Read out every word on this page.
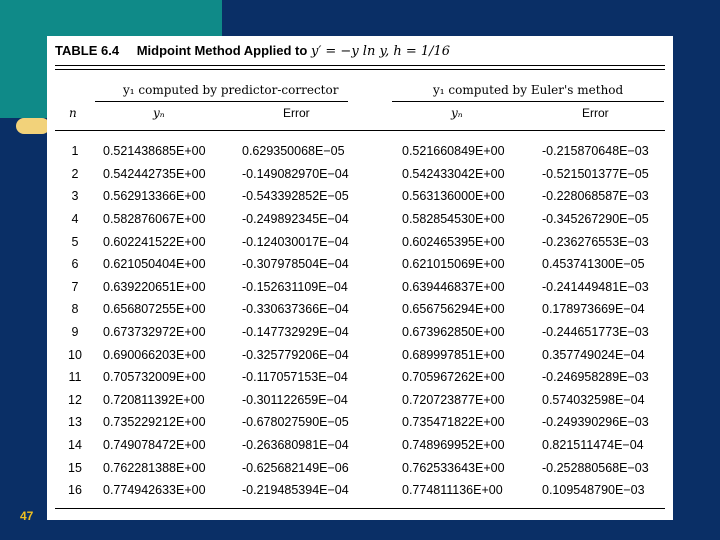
47
TABLE 6.4 Midpoint Method Applied to y′ = −y ln y, h = 1/16
y₁ computed by predictor-corrector	y₁ computed by Euler's method
n	yₙ	Error	yₙ	Error
1	0.521438685E+00	0.629350068E−05	0.521660849E+00	-0.215870648E−03
2	0.542442735E+00	-0.149082970E−04	0.542433042E+00	-0.521501377E−05
3	0.562913366E+00	-0.543392852E−05	0.563136000E+00	-0.228068587E−03
4	0.582876067E+00	-0.249892345E−04	0.582854530E+00	-0.345267290E−05
5	0.602241522E+00	-0.124030017E−04	0.602465395E+00	-0.236276553E−03
6	0.621050404E+00	-0.307978504E−04	0.621015069E+00	0.453741300E−05
7	0.639220651E+00	-0.152631109E−04	0.639446837E+00	-0.241449481E−03
8	0.656807255E+00	-0.330637366E−04	0.656756294E+00	0.178973669E−04
9	0.673732972E+00	-0.147732929E−04	0.673962850E+00	-0.244651773E−03
10	0.690066203E+00	-0.325779206E−04	0.689997851E+00	0.357749024E−04
11	0.705732009E+00	-0.117057153E−04	0.705967262E+00	-0.246958289E−03
12	0.720811392E+00	-0.301122659E−04	0.720723877E+00	0.574032598E−04
13	0.735229212E+00	-0.678027590E−05	0.735471822E+00	-0.249390296E−03
14	0.749078472E+00	-0.263680981E−04	0.748969952E+00	0.821511474E−04
15	0.762281388E+00	-0.625682149E−06	0.762533643E+00	-0.252880568E−03
16	0.774942633E+00	-0.219485394E−04	0.774811136E+00	0.109548790E−03
